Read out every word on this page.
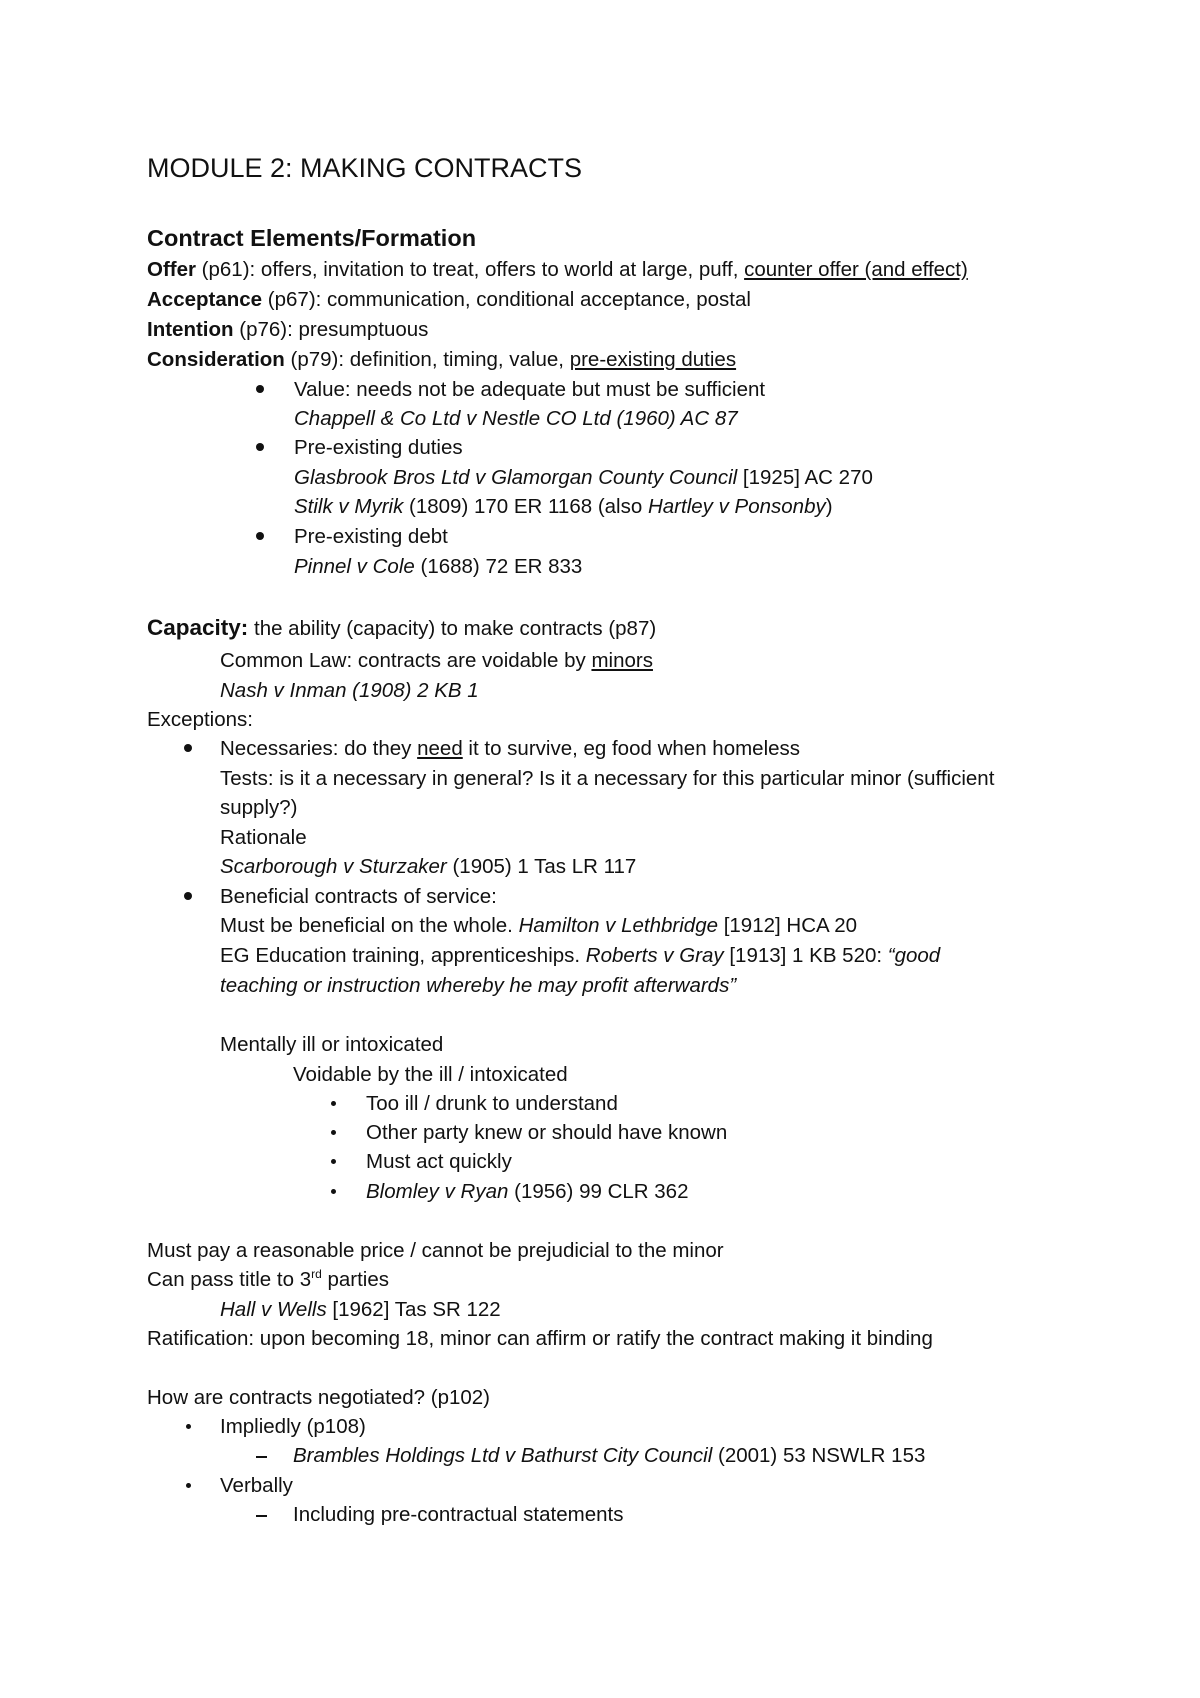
MODULE 2: MAKING CONTRACTS
Contract Elements/Formation
Offer (p61): offers, invitation to treat, offers to world at large, puff, counter offer (and effect)
Acceptance (p67): communication, conditional acceptance, postal
Intention (p76): presumptuous
Consideration (p79): definition, timing, value, pre-existing duties
Value: needs not be adequate but must be sufficient
Chappell & Co Ltd v Nestle CO Ltd (1960) AC 87
Pre-existing duties
Glasbrook Bros Ltd v Glamorgan County Council [1925] AC 270
Stilk v Myrik (1809) 170 ER 1168 (also Hartley v Ponsonby)
Pre-existing debt
Pinnel v Cole (1688) 72 ER 833
Capacity: the ability (capacity) to make contracts (p87)
Common Law: contracts are voidable by minors
Nash v Inman (1908) 2 KB 1
Exceptions:
Necessaries: do they need it to survive, eg food when homeless
Tests: is it a necessary in general? Is it a necessary for this particular minor (sufficient
supply?)
Rationale
Scarborough v Sturzaker (1905) 1 Tas LR 117
Beneficial contracts of service:
Must be beneficial on the whole. Hamilton v Lethbridge [1912] HCA 20
EG Education training, apprenticeships. Roberts v Gray [1913] 1 KB 520: “good
teaching or instruction whereby he may profit afterwards”
Mentally ill or intoxicated
Voidable by the ill / intoxicated
Too ill / drunk to understand
Other party knew or should have known
Must act quickly
Blomley v Ryan (1956) 99 CLR 362
Must pay a reasonable price / cannot be prejudicial to the minor
Can pass title to 3rd parties
Hall v Wells [1962] Tas SR 122
Ratification: upon becoming 18, minor can affirm or ratify the contract making it binding
How are contracts negotiated? (p102)
Impliedly (p108)
Brambles Holdings Ltd v Bathurst City Council (2001) 53 NSWLR 153
Verbally
Including pre-contractual statements
